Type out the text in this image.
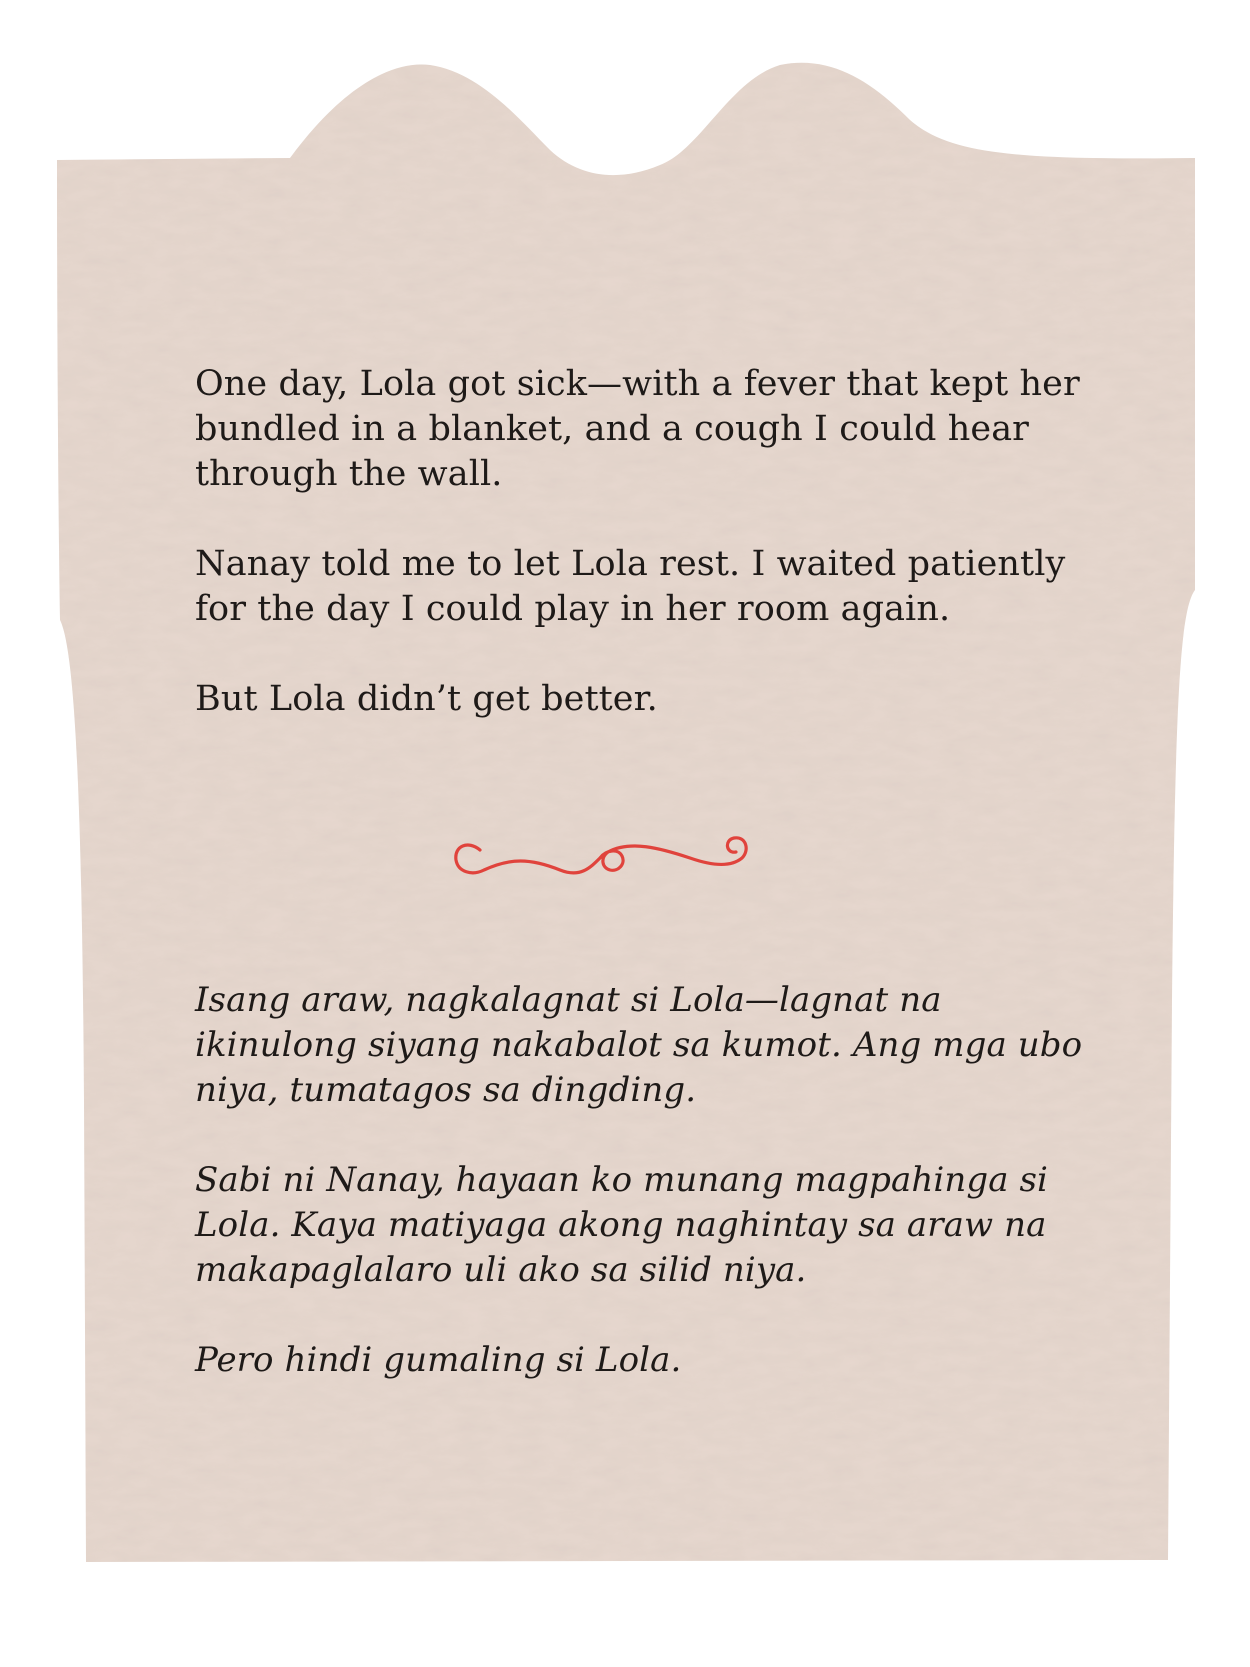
One day, Lola got sick—with a fever that kept her bundled in a blanket, and a cough I could hear through the wall.

Nanay told me to let Lola rest. I waited patiently for the day I could play in her room again.

But Lola didn’t get better.

Isang araw, nagkalagnat si Lola—lagnat na ikinulong siyang nakabalot sa kumot. Ang mga ubo niya, tumatagos sa dingding.

Sabi ni Nanay, hayaan ko munang magpahinga si Lola. Kaya matiyaga akong naghintay sa araw na makapaglalaro uli ako sa silid niya.

Pero hindi gumaling si Lola.
